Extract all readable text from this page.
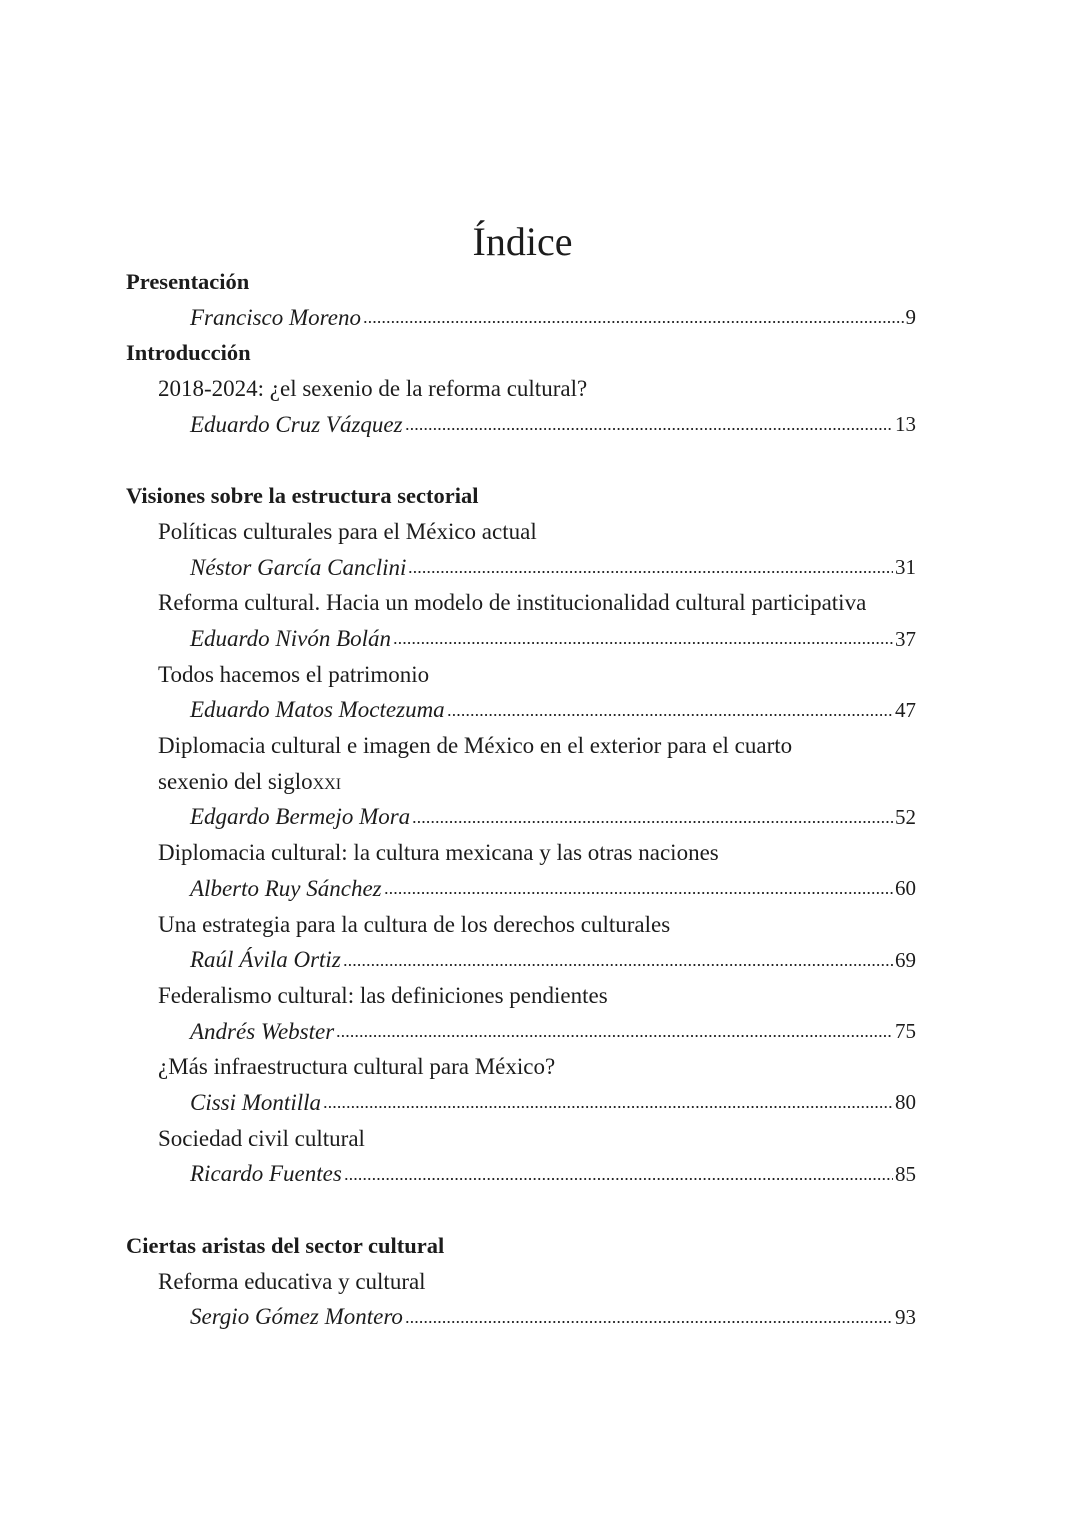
Índice
Presentación
Francisco Moreno	9
Introducción
2018-2024: ¿el sexenio de la reforma cultural?
Eduardo Cruz Vázquez	13
Visiones sobre la estructura sectorial
Políticas culturales para el México actual
Néstor García Canclini	31
Reforma cultural. Hacia un modelo de institucionalidad cultural participativa
Eduardo Nivón Bolán	37
Todos hacemos el patrimonio
Eduardo Matos Moctezuma	47
Diplomacia cultural e imagen de México en el exterior para el cuarto
sexenio del siglo xxi
Edgardo Bermejo Mora	52
Diplomacia cultural: la cultura mexicana y las otras naciones
Alberto Ruy Sánchez	60
Una estrategia para la cultura de los derechos culturales
Raúl Ávila Ortiz	69
Federalismo cultural: las definiciones pendientes
Andrés Webster	75
¿Más infraestructura cultural para México?
Cissi Montilla	80
Sociedad civil cultural
Ricardo Fuentes	85
Ciertas aristas del sector cultural
Reforma educativa y cultural
Sergio Gómez Montero	93
